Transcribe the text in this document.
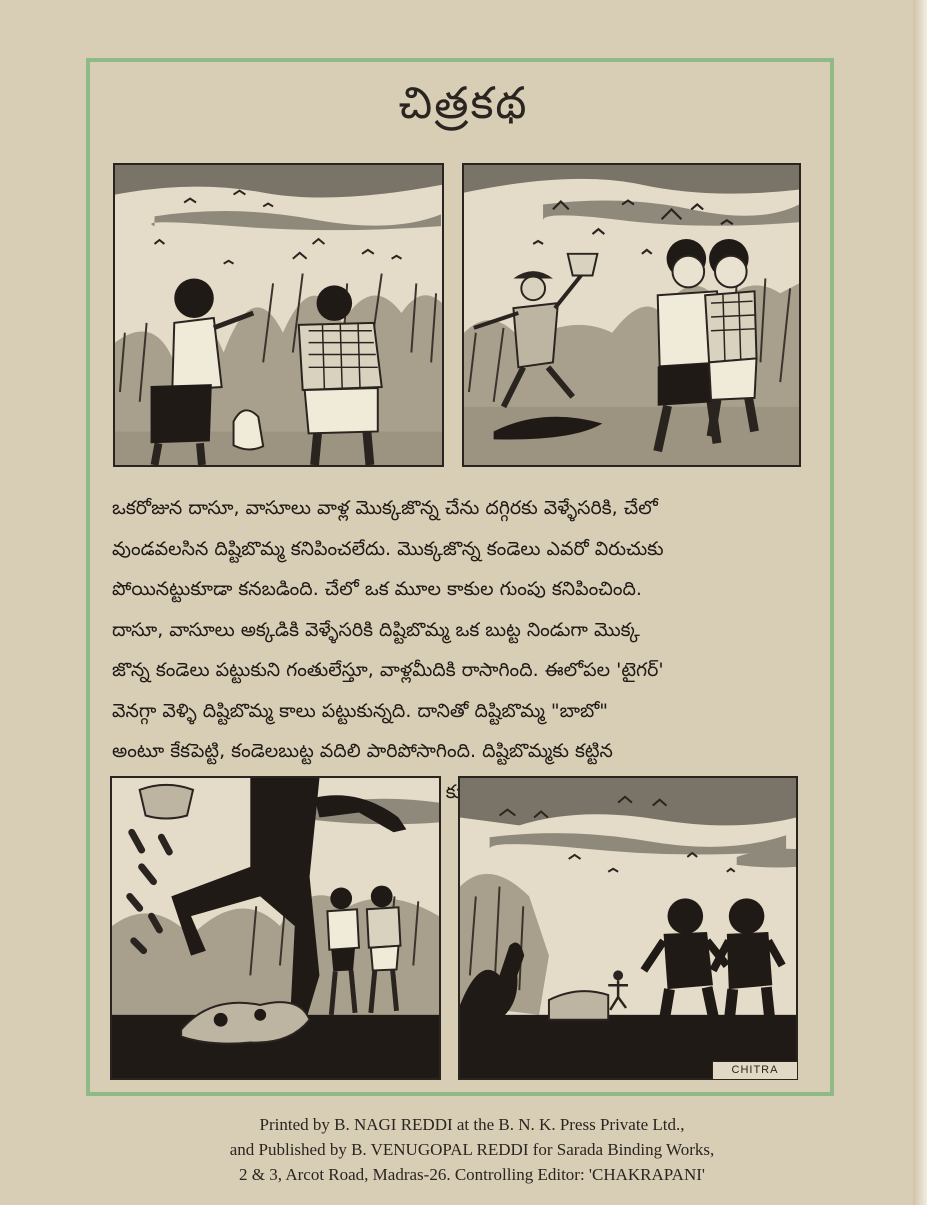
చిత్రకథ
ఒకరోజున దాసూ, వాసూలు వాళ్ల మొక్కజొన్న చేను దగ్గిరకు వెళ్ళేసరికి, చేలో
వుండవలసిన దిష్టిబొమ్మ కనిపించలేదు. మొక్కజొన్న కండెలు ఎవరో విరుచుకు
పోయినట్టుకూడా కనబడింది. చేలో ఒక మూల కాకుల గుంపు కనిపించింది.
దాసూ, వాసూలు అక్కడికి వెళ్ళేసరికి దిష్టిబొమ్మ ఒక బుట్ట నిండుగా మొక్క
జొన్న కండెలు పట్టుకుని గంతులేస్తూ, వాళ్లమీదికి రాసాగింది. ఈలోపల 'టైగర్'
వెనగ్గా వెళ్ళి దిష్టిబొమ్మ కాలు పట్టుకున్నది. దానితో దిష్టిబొమ్మ "బాబో"
అంటూ కేకపెట్టి, కండెలబుట్ట వదిలి పారిపోసాగింది. దిష్టిబొమ్మకు కట్టిన
CHITRA
Printed by B. NAGI REDDI at the B. N. K. Press Private Ltd.,
and Published by B. VENUGOPAL REDDI for Sarada Binding Works,
2 & 3, Arcot Road, Madras-26. Controlling Editor: 'CHAKRAPANI'
